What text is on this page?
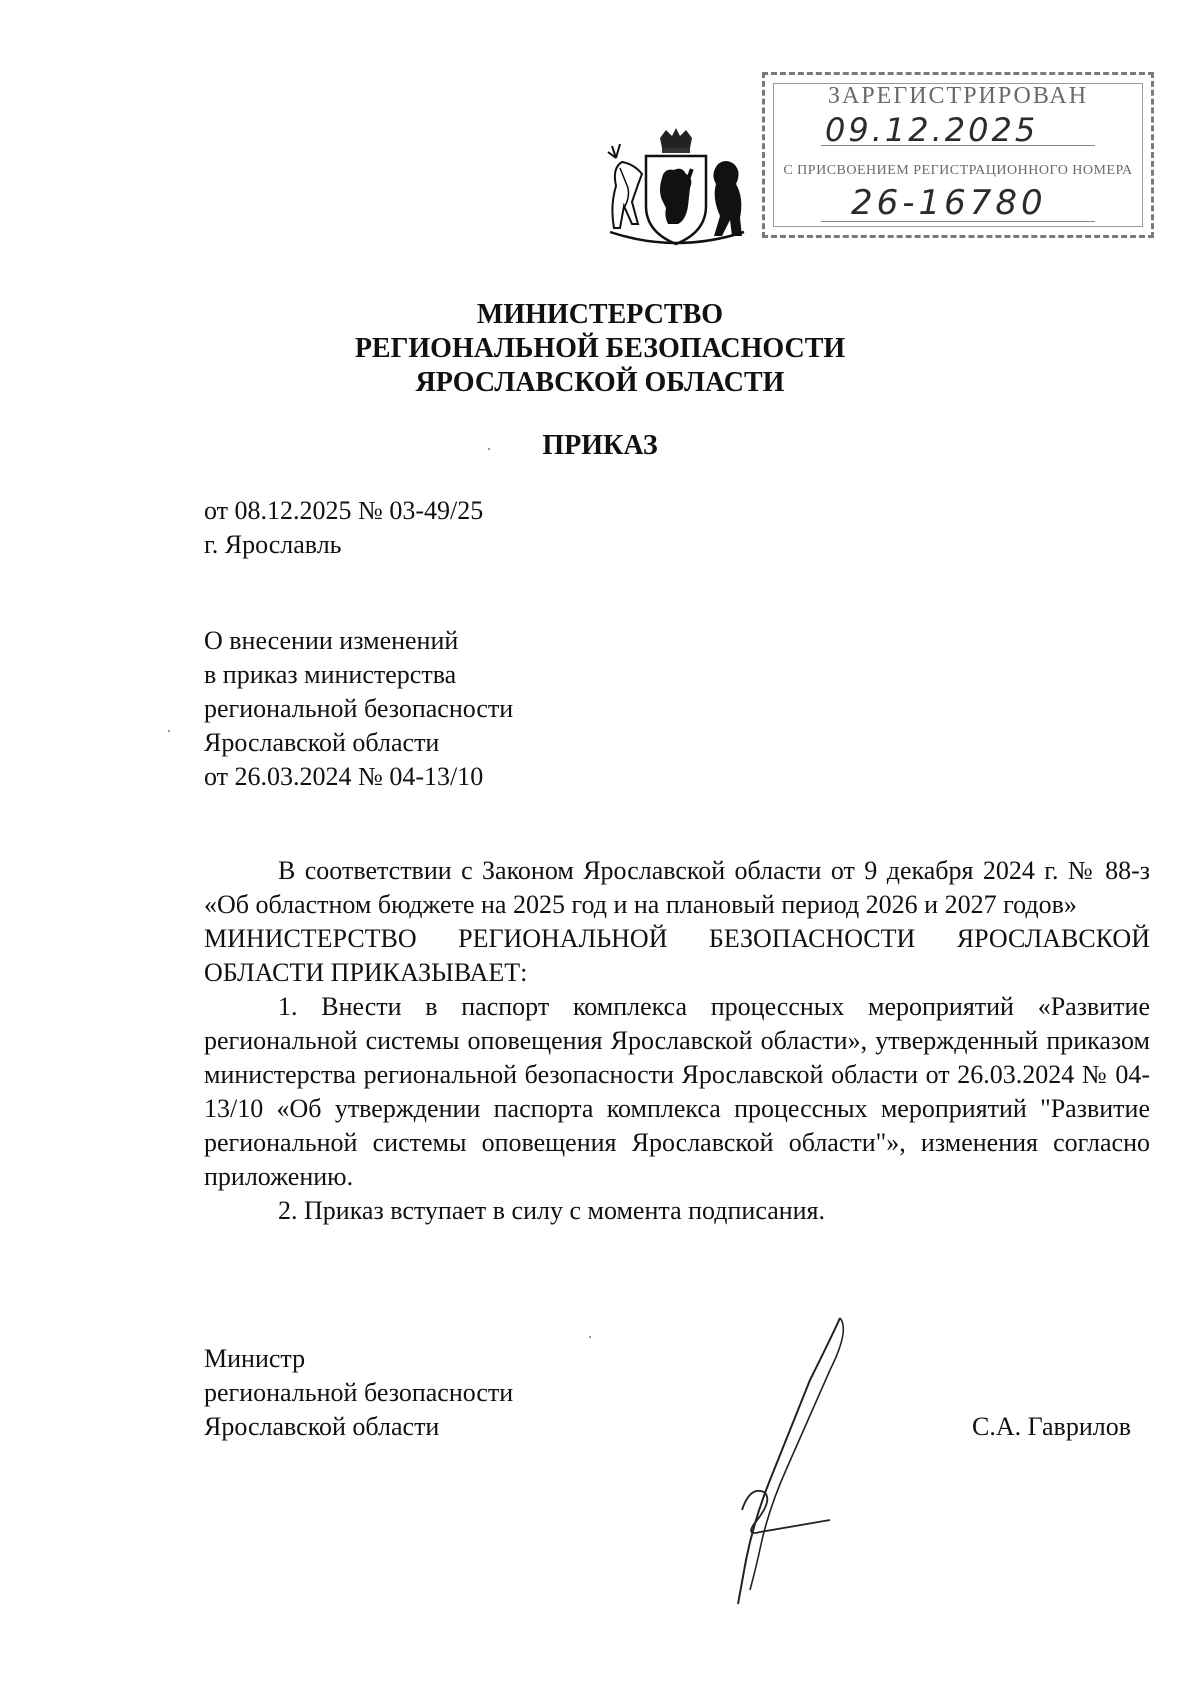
ЗАРЕГИСТРИРОВАН
09.12.2025
С ПРИСВОЕНИЕМ РЕГИСТРАЦИОННОГО НОМЕРА
26-16780
МИНИСТЕРСТВО
РЕГИОНАЛЬНОЙ БЕЗОПАСНОСТИ
ЯРОСЛАВСКОЙ ОБЛАСТИ
ПРИКАЗ
от 08.12.2025 № 03-49/25
г. Ярославль
О внесении изменений
в приказ министерства
региональной безопасности
Ярославской области
от 26.03.2024 № 04-13/10

В соответствии с Законом Ярославской области от 9 декабря 2024 г. № 88-з «Об областном бюджете на 2025 год и на плановый период 2026 и 2027 годов»

МИНИСТЕРСТВО РЕГИОНАЛЬНОЙ БЕЗОПАСНОСТИ ЯРОСЛАВСКОЙ ОБЛАСТИ ПРИКАЗЫВАЕТ:

1. Внести в паспорт комплекса процессных мероприятий «Развитие региональной системы оповещения Ярославской области», утвержденный приказом министерства региональной безопасности Ярославской области от 26.03.2024 № 04-13/10 «Об утверждении паспорта комплекса процессных мероприятий "Развитие региональной системы оповещения Ярославской области"», изменения согласно приложению.

2. Приказ вступает в силу с момента подписания.

Министр
региональной безопасности
Ярославской области	С.А. Гаврилов
